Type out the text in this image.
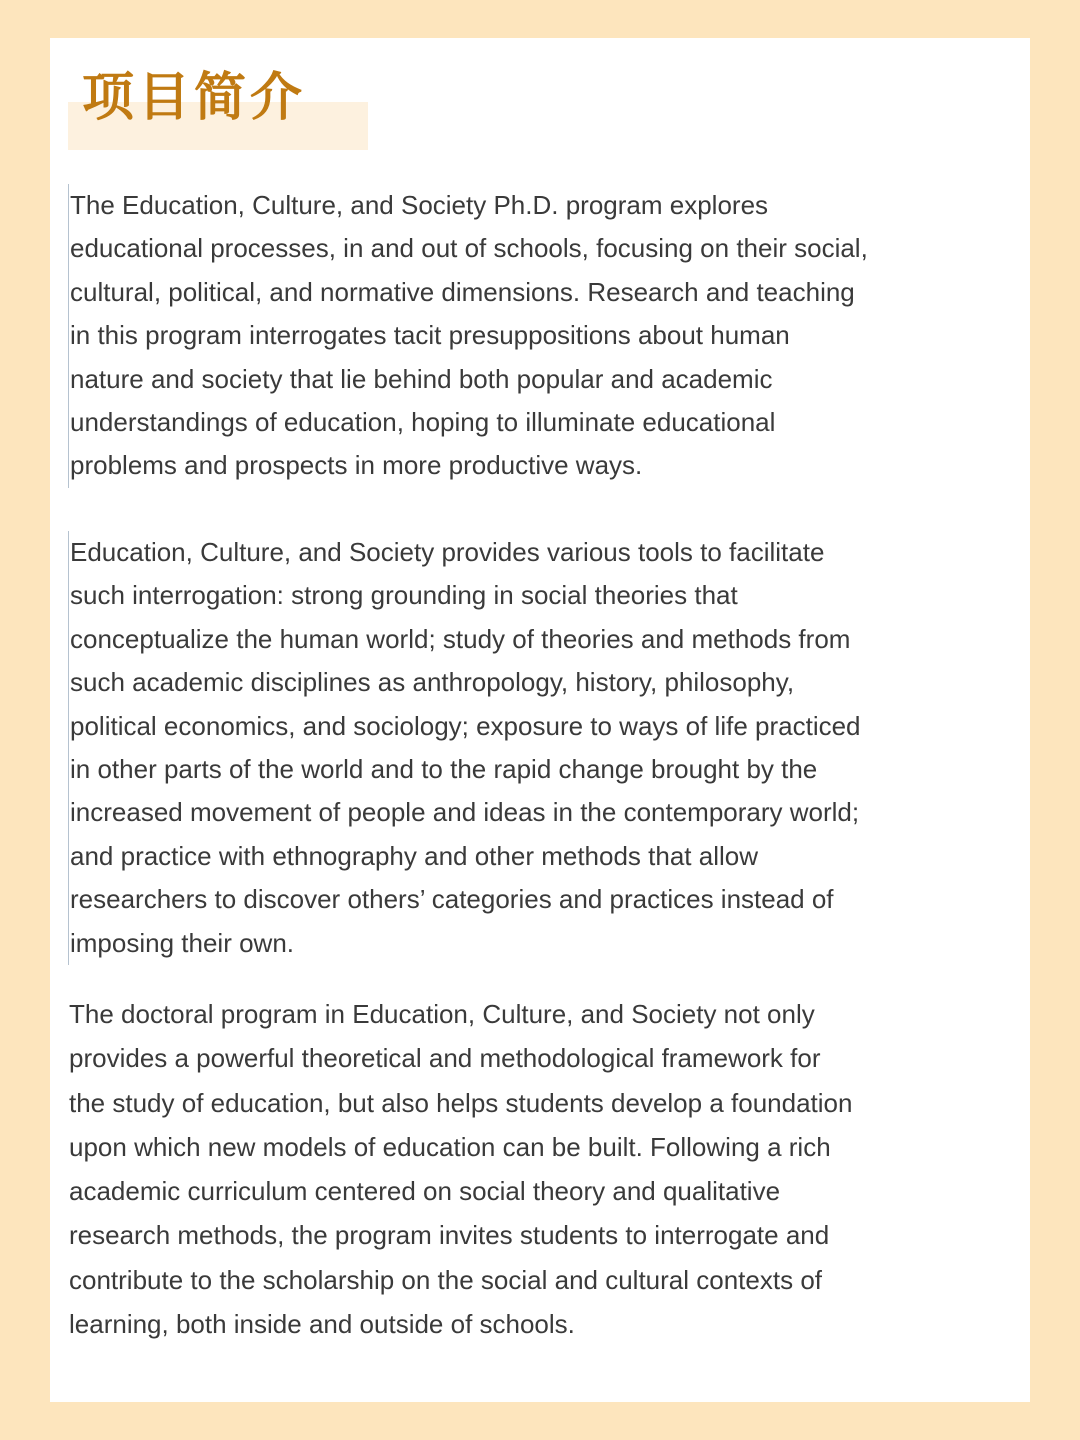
项目简介
The Education, Culture, and Society Ph.D. program explores
educational processes, in and out of schools, focusing on their social,
cultural, political, and normative dimensions. Research and teaching
in this program interrogates tacit presuppositions about human
nature and society that lie behind both popular and academic
understandings of education, hoping to illuminate educational
problems and prospects in more productive ways.
Education, Culture, and Society provides various tools to facilitate
such interrogation: strong grounding in social theories that
conceptualize the human world; study of theories and methods from
such academic disciplines as anthropology, history, philosophy,
political economics, and sociology; exposure to ways of life practiced
in other parts of the world and to the rapid change brought by the
increased movement of people and ideas in the contemporary world;
and practice with ethnography and other methods that allow
researchers to discover others’ categories and practices instead of
imposing their own.
The doctoral program in Education, Culture, and Society not only
provides a powerful theoretical and methodological framework for
the study of education, but also helps students develop a foundation
upon which new models of education can be built. Following a rich
academic curriculum centered on social theory and qualitative
research methods, the program invites students to interrogate and
contribute to the scholarship on the social and cultural contexts of
learning, both inside and outside of schools.
